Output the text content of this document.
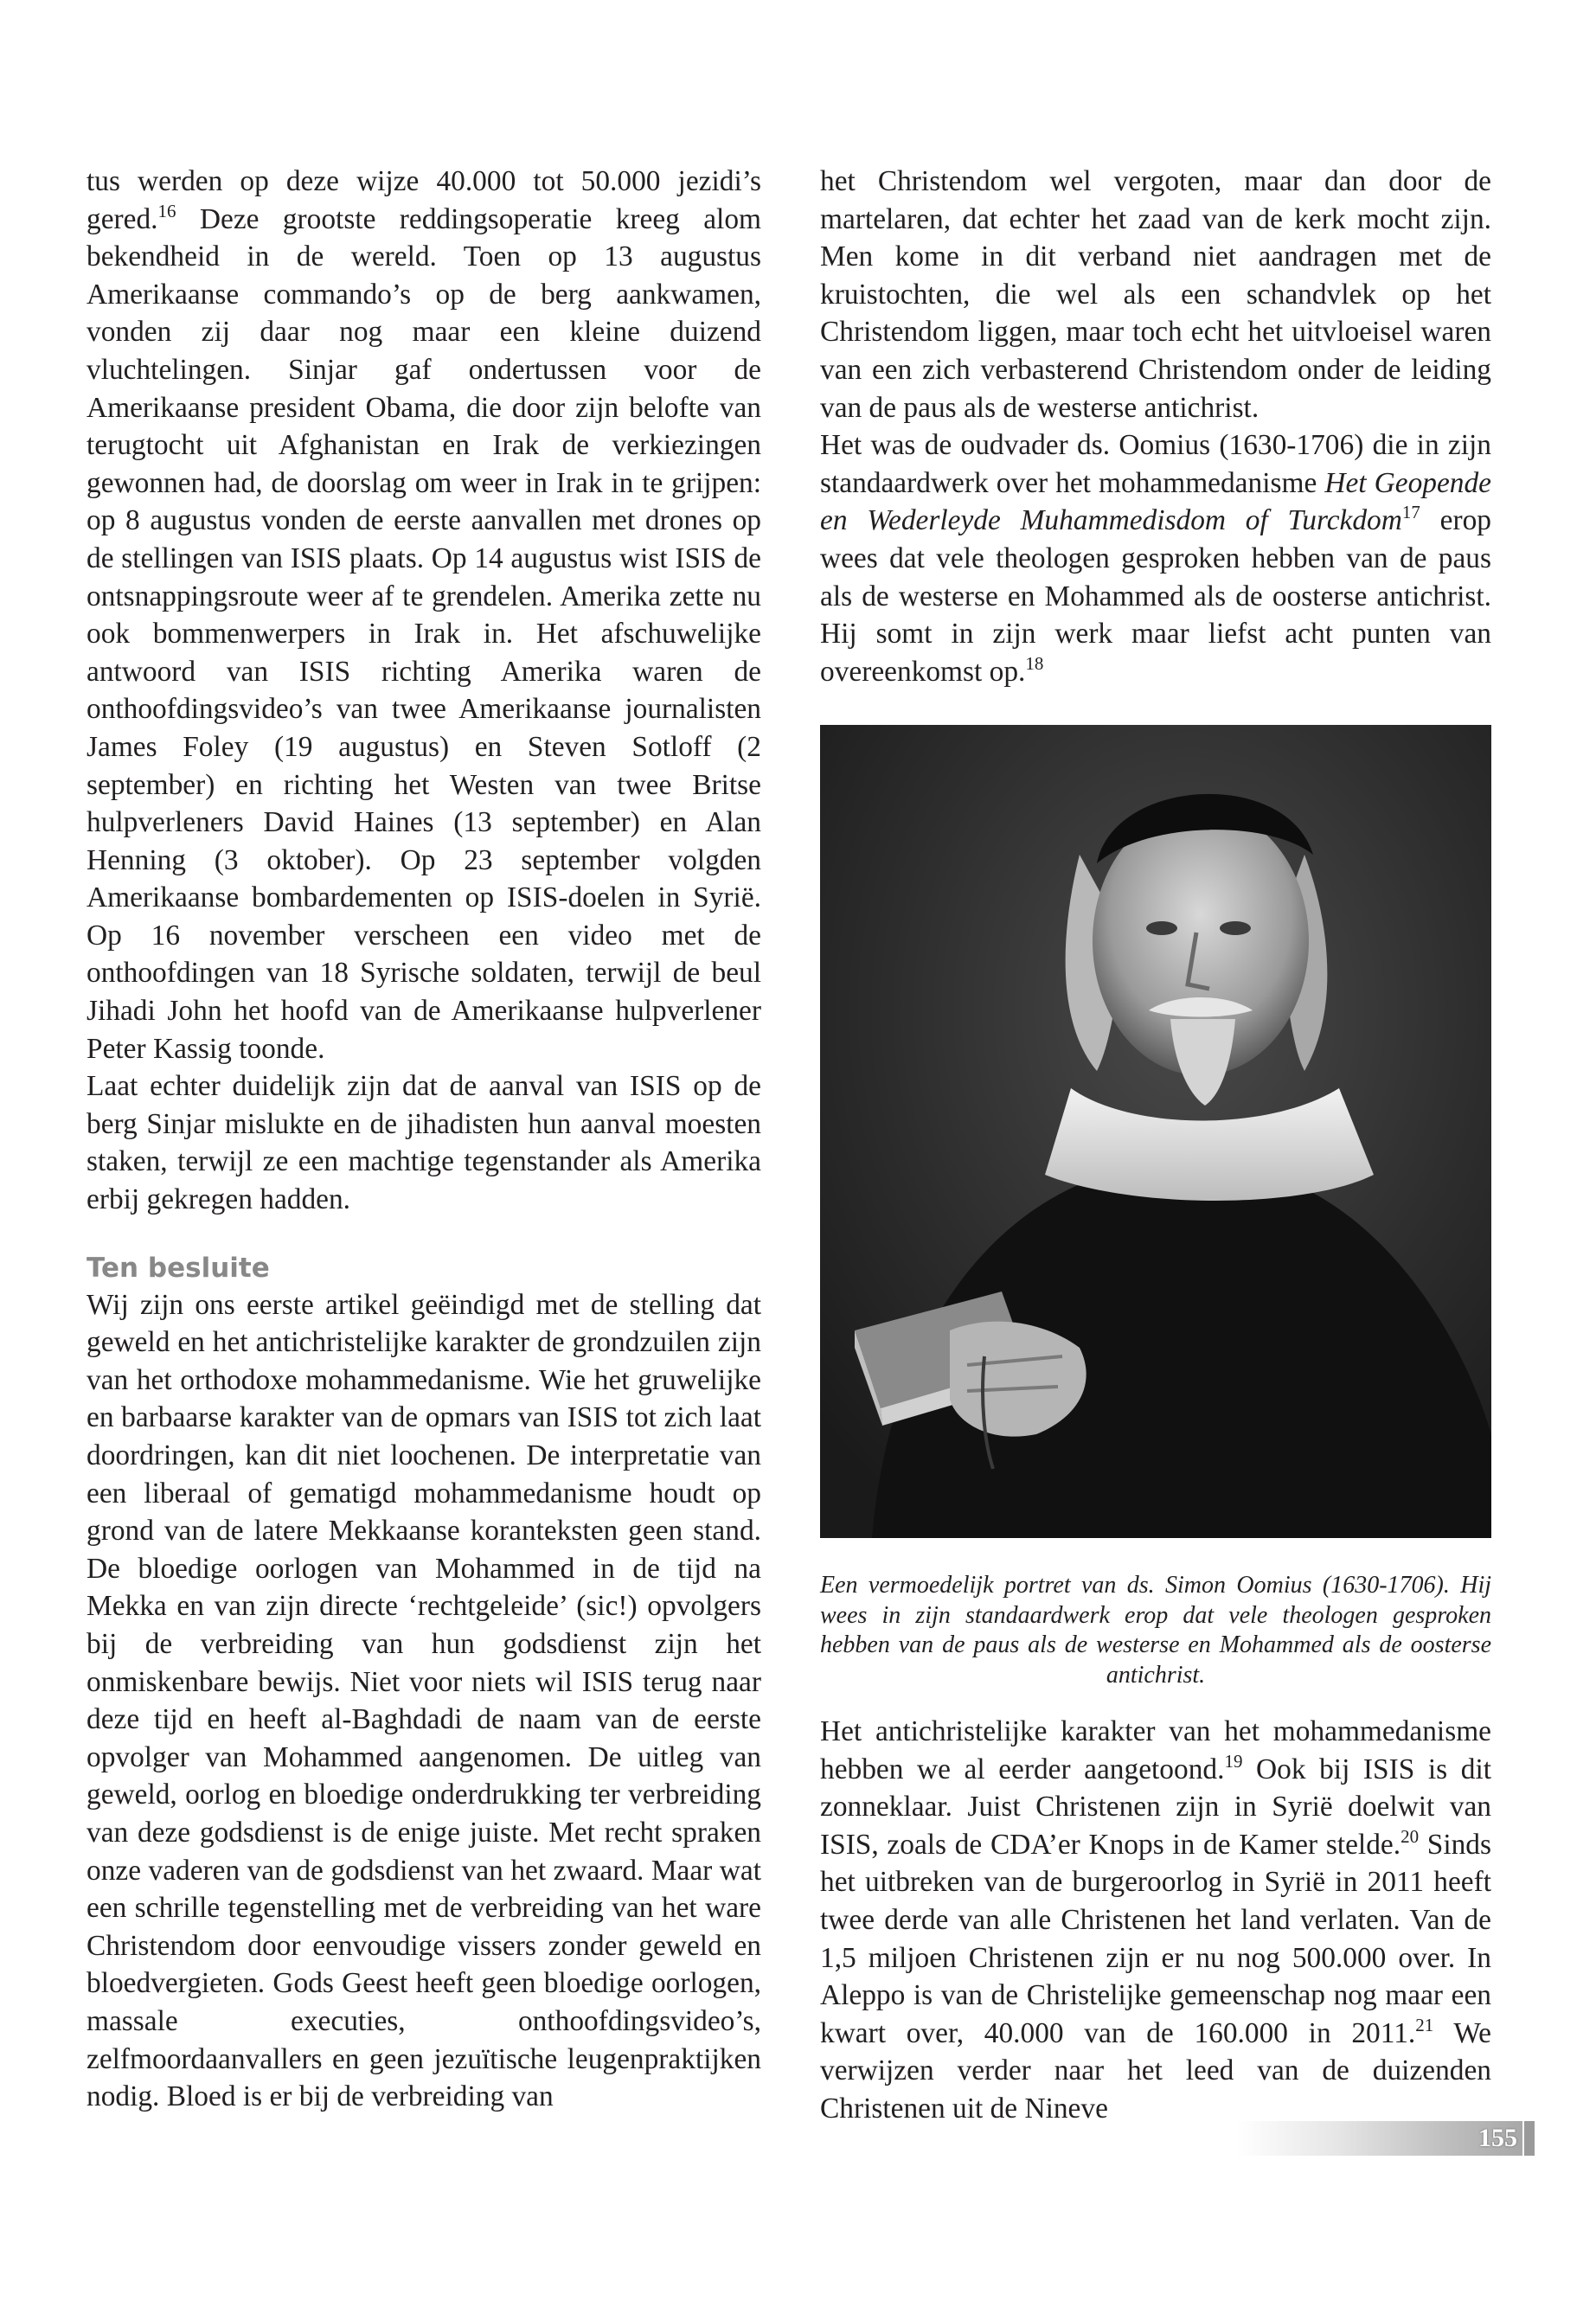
tus werden op deze wijze 40.000 tot 50.000 jezidi’s gered.$^{16}$ Deze grootste reddingsoperatie kreeg alom bekendheid in de wereld. Toen op 13 augustus Amerikaanse commando’s op de berg aankwamen, vonden zij daar nog maar een kleine duizend vluchtelingen. Sinjar gaf ondertussen voor de Amerikaanse president Obama, die door zijn belofte van terugtocht uit Afghanistan en Irak de verkiezingen gewonnen had, de doorslag om weer in Irak in te grijpen: op 8 augustus vonden de eerste aanvallen met drones op de stellingen van ISIS plaats. Op 14 augustus wist ISIS de ontsnappingsroute weer af te grendelen. Amerika zette nu ook bommenwerpers in Irak in. Het afschuwelijke antwoord van ISIS richting Amerika waren de onthoofdingsvideo’s van twee Amerikaanse journalisten James Foley (19 augustus) en Steven Sotloff (2 september) en richting het Westen van twee Britse hulpverleners David Haines (13 september) en Alan Henning (3 oktober). Op 23 september volgden Amerikaanse bombardementen op ISIS-doelen in Syrië. Op 16 november verscheen een video met de onthoofdingen van 18 Syrische soldaten, terwijl de beul Jihadi John het hoofd van de Amerikaanse hulpverlener Peter Kassig toonde.

Laat echter duidelijk zijn dat de aanval van ISIS op de berg Sinjar mislukte en de jihadisten hun aanval moesten staken, terwijl ze een machtige tegenstander als Amerika erbij gekregen hadden.

Ten besluite

Wij zijn ons eerste artikel geëindigd met de stelling dat geweld en het antichristelijke karakter de grondzuilen zijn van het orthodoxe mohammedanisme. Wie het gruwelijke en barbaarse karakter van de opmars van ISIS tot zich laat doordringen, kan dit niet loochenen. De interpretatie van een liberaal of gematigd mohammedanisme houdt op grond van de latere Mekkaanse koranteksten geen stand. De bloedige oorlogen van Mohammed in de tijd na Mekka en van zijn directe ‘rechtgeleide’ (sic!) opvolgers bij de verbreiding van hun godsdienst zijn het onmiskenbare bewijs. Niet voor niets wil ISIS terug naar deze tijd en heeft al-Baghdadi de naam van de eerste opvolger van Mohammed aangenomen. De uitleg van geweld, oorlog en bloedige onderdrukking ter verbreiding van deze godsdienst is de enige juiste. Met recht spraken onze vaderen van de godsdienst van het zwaard. Maar wat een schrille tegenstelling met de verbreiding van het ware Christendom door eenvoudige vissers zonder geweld en bloedvergieten. Gods Geest heeft geen bloedige oorlogen, massale executies, onthoofdingsvideo’s, zelfmoordaanvallers en geen jezuïtische leugenpraktijken nodig. Bloed is er bij de verbreiding van

het Christendom wel vergoten, maar dan door de martelaren, dat echter het zaad van de kerk mocht zijn. Men kome in dit verband niet aandragen met de kruistochten, die wel als een schandvlek op het Christendom liggen, maar toch echt het uitvloeisel waren van een zich verbasterend Christendom onder de leiding van de paus als de westerse antichrist.

Het was de oudvader ds. Oomius (1630-1706) die in zijn standaardwerk over het mohammedanisme Het Geopende en Wederleyde Muhammedisdom of Turckdom$^{17}$ erop wees dat vele theologen gesproken hebben van de paus als de westerse en Mohammed als de oosterse antichrist. Hij somt in zijn werk maar liefst acht punten van overeenkomst op.$^{18}$

Een vermoedelijk portret van ds. Simon Oomius (1630-1706). Hij wees in zijn standaardwerk erop dat vele theologen gesproken hebben van de paus als de westerse en Mohammed als de oosterse antichrist.

Het antichristelijke karakter van het mohammedanisme hebben we al eerder aangetoond.$^{19}$ Ook bij ISIS is dit zonneklaar. Juist Christenen zijn in Syrië doelwit van ISIS, zoals de CDA’er Knops in de Kamer stelde.$^{20}$ Sinds het uitbreken van de burgeroorlog in Syrië in 2011 heeft twee derde van alle Christenen het land verlaten. Van de 1,5 miljoen Christenen zijn er nu nog 500.000 over. In Aleppo is van de Christelijke gemeenschap nog maar een kwart over, 40.000 van de 160.000 in 2011.21 We verwijzen verder naar het leed van de duizenden Christenen uit de Nineve

155
